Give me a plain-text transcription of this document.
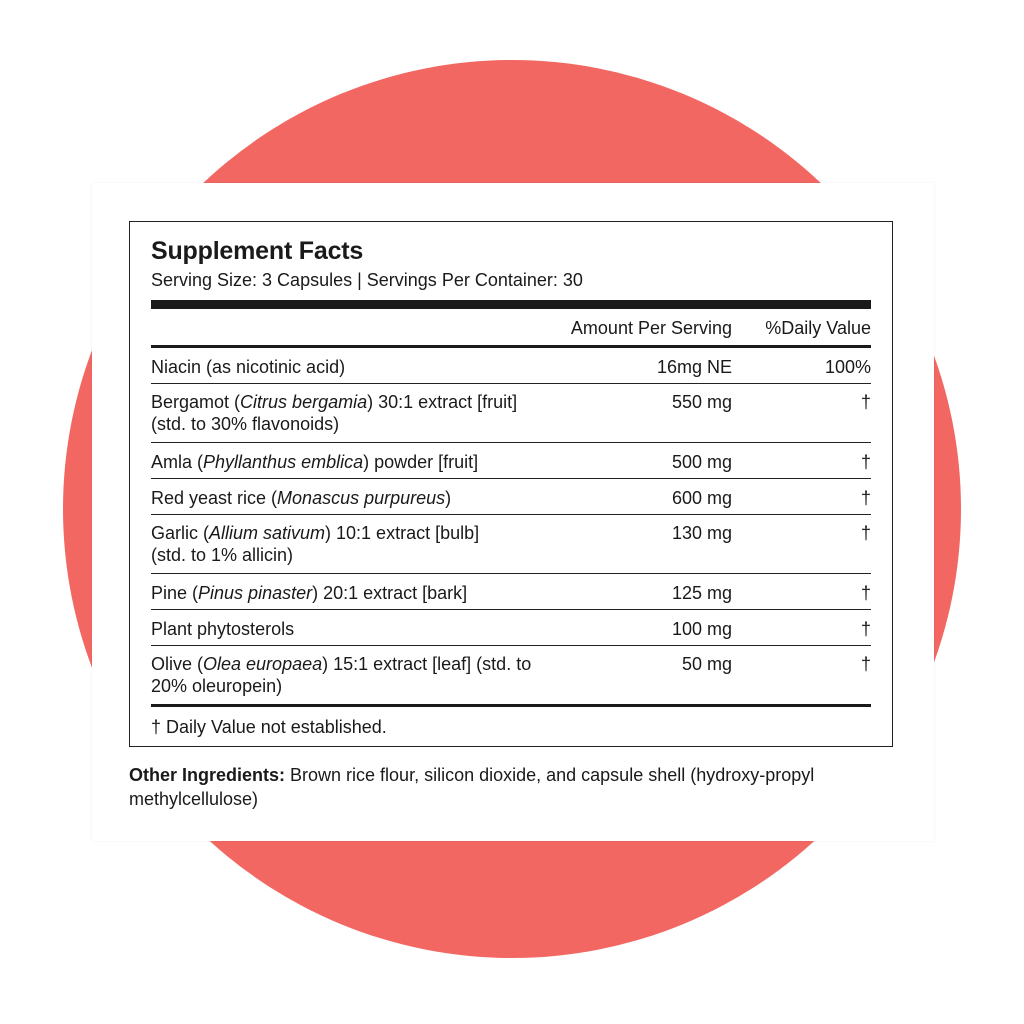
Supplement Facts
Serving Size: 3 Capsules | Servings Per Container: 30
Amount Per Serving	%Daily Value
Niacin (as nicotinic acid)	16mg NE	100%
Bergamot (Citrus bergamia) 30:1 extract [fruit]
(std. to 30% flavonoids)
550 mg	†
Amla (Phyllanthus emblica) powder [fruit]	500 mg	†
Red yeast rice (Monascus purpureus)	600 mg	†
Garlic (Allium sativum) 10:1 extract [bulb]
(std. to 1% allicin)
130 mg	†
Pine (Pinus pinaster) 20:1 extract [bark]	125 mg	†
Plant phytosterols	100 mg	†
Olive (Olea europaea) 15:1 extract [leaf] (std. to
20% oleuropein)
50 mg	†
† Daily Value not established.
Other Ingredients: Brown rice flour, silicon dioxide, and capsule shell (hydroxy-propyl methylcellulose)
